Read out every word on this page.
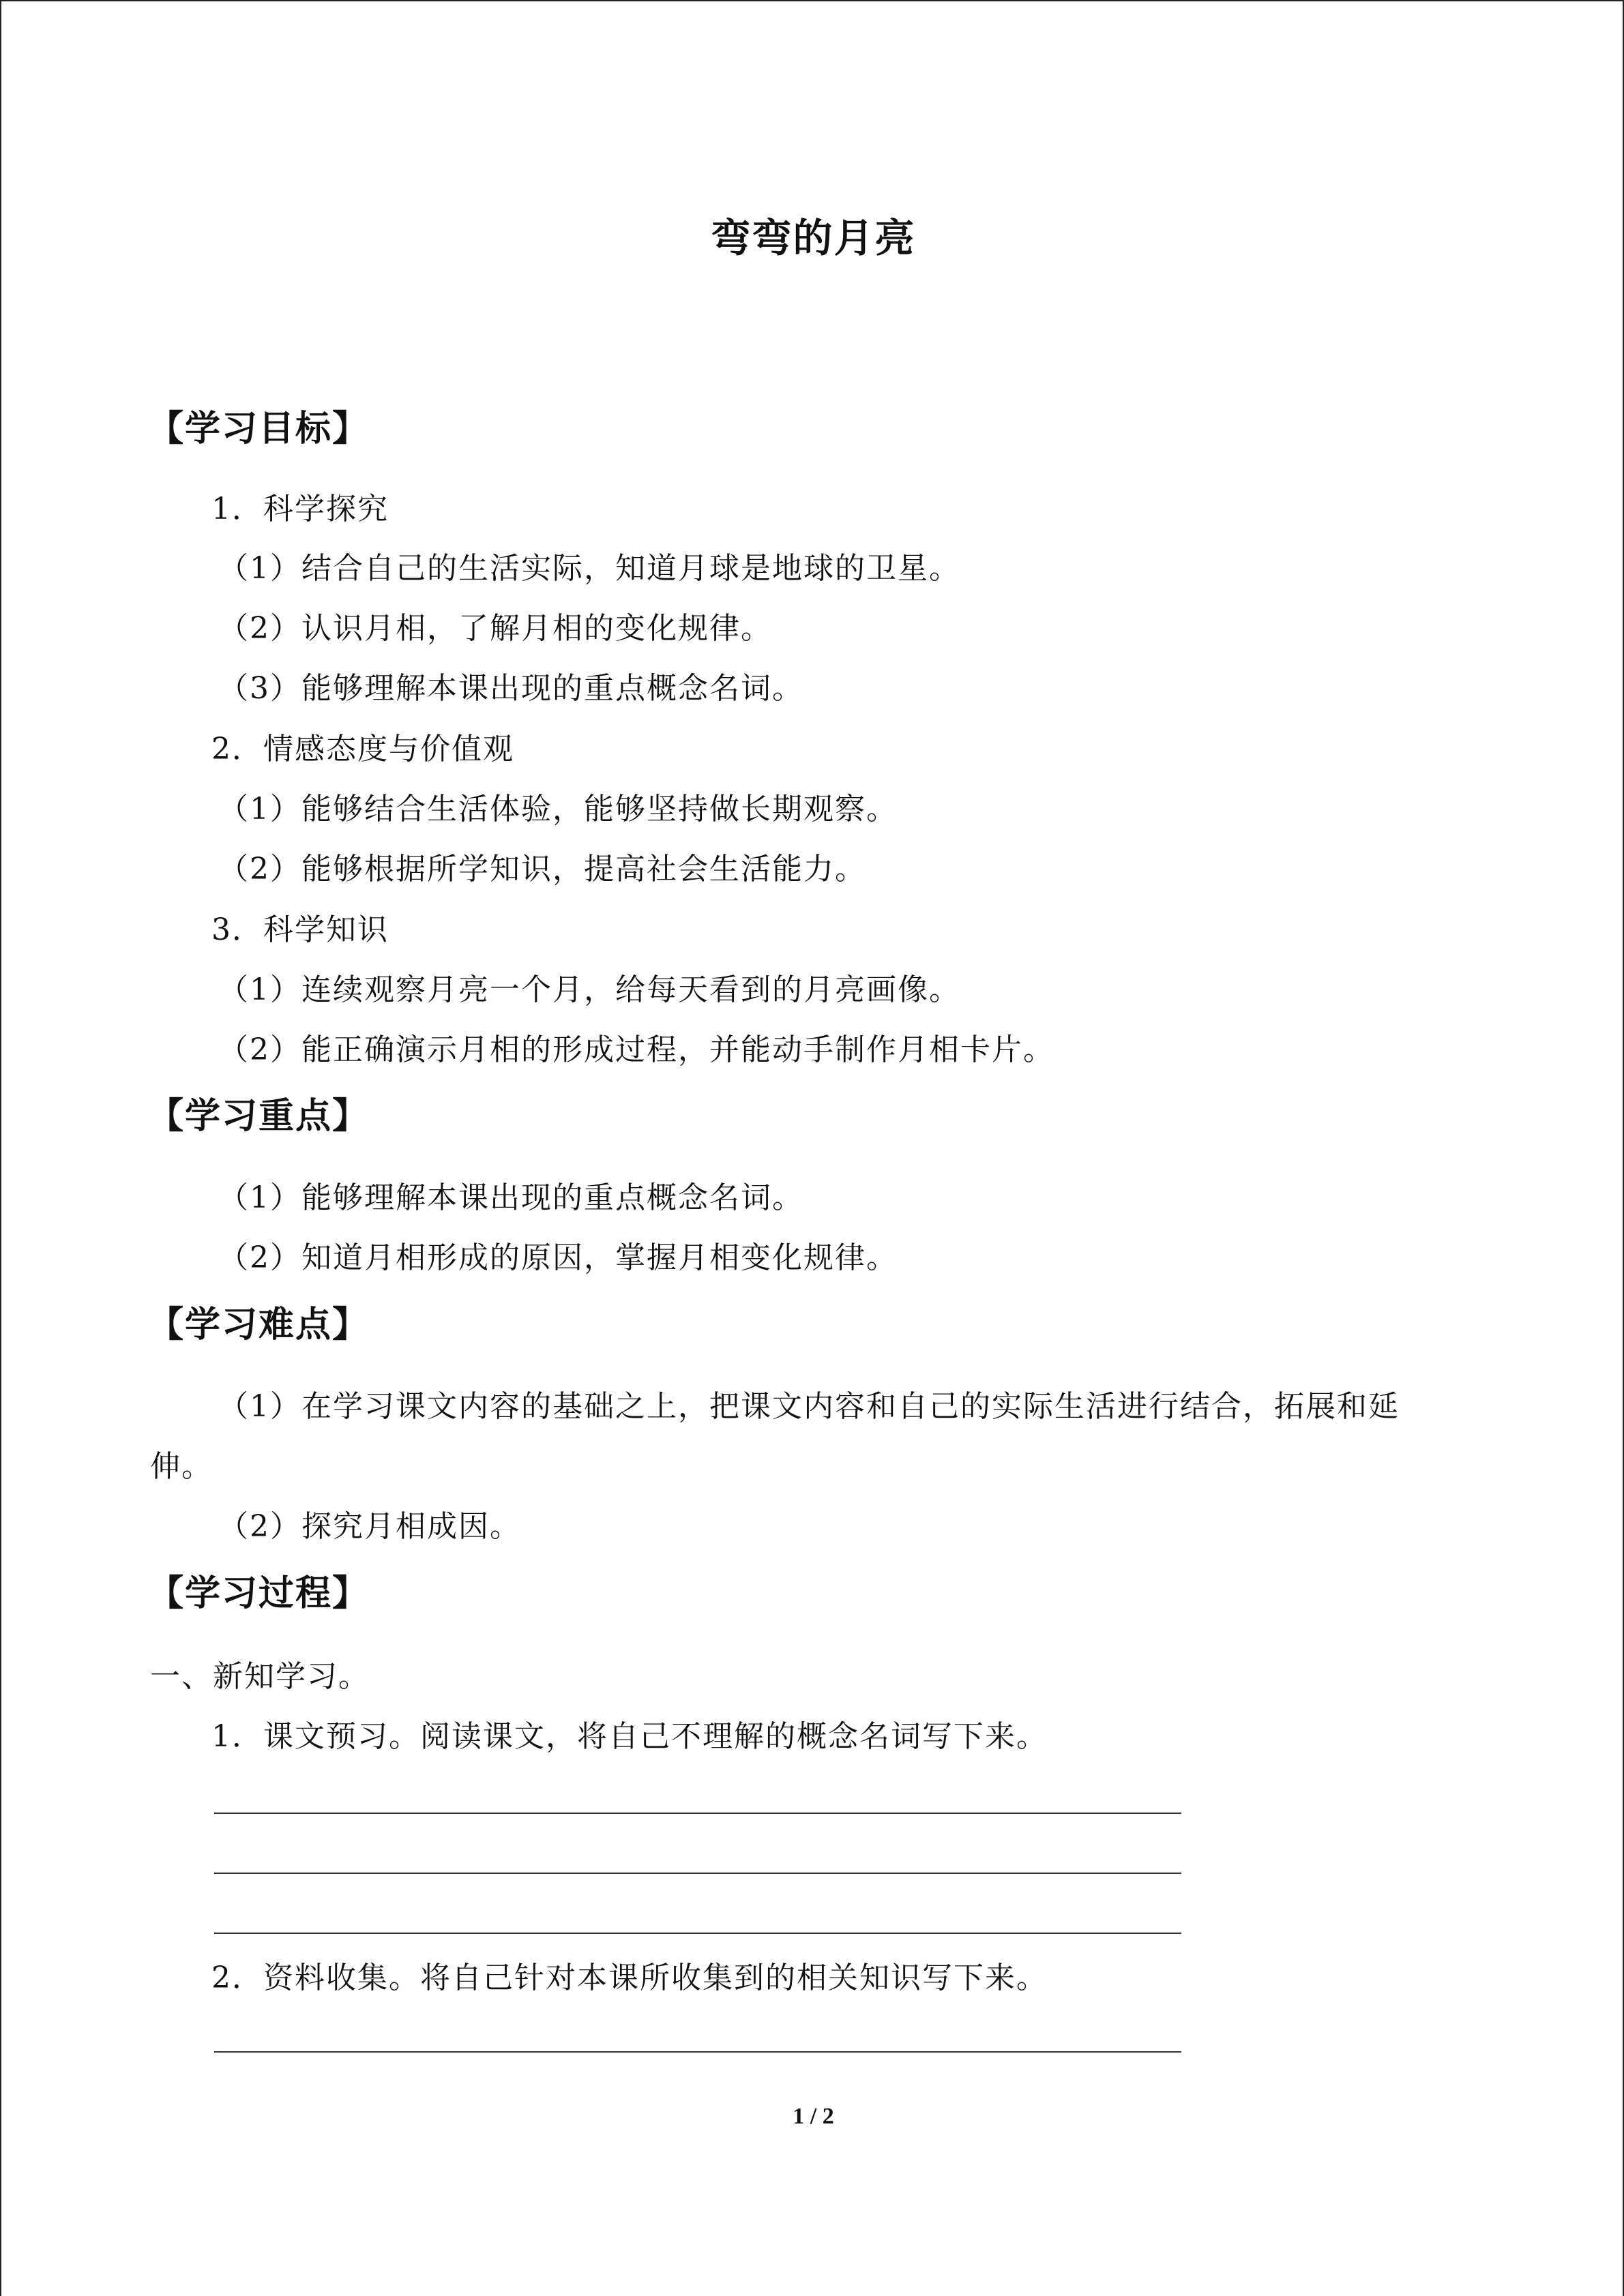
弯弯的月亮
【学习目标】
1．科学探究
（1）结合自己的生活实际，知道月球是地球的卫星。
（2）认识月相，了解月相的变化规律。
（3）能够理解本课出现的重点概念名词。
2．情感态度与价值观
（1）能够结合生活体验，能够坚持做长期观察。
（2）能够根据所学知识，提高社会生活能力。
3．科学知识
（1）连续观察月亮一个月，给每天看到的月亮画像。
（2）能正确演示月相的形成过程，并能动手制作月相卡片。
【学习重点】
（1）能够理解本课出现的重点概念名词。
（2）知道月相形成的原因，掌握月相变化规律。
【学习难点】
（1）在学习课文内容的基础之上，把课文内容和自己的实际生活进行结合，拓展和延
伸。
（2）探究月相成因。
【学习过程】
一、新知学习。
1．课文预习。阅读课文，将自己不理解的概念名词写下来。
2．资料收集。将自己针对本课所收集到的相关知识写下来。
1 / 2
